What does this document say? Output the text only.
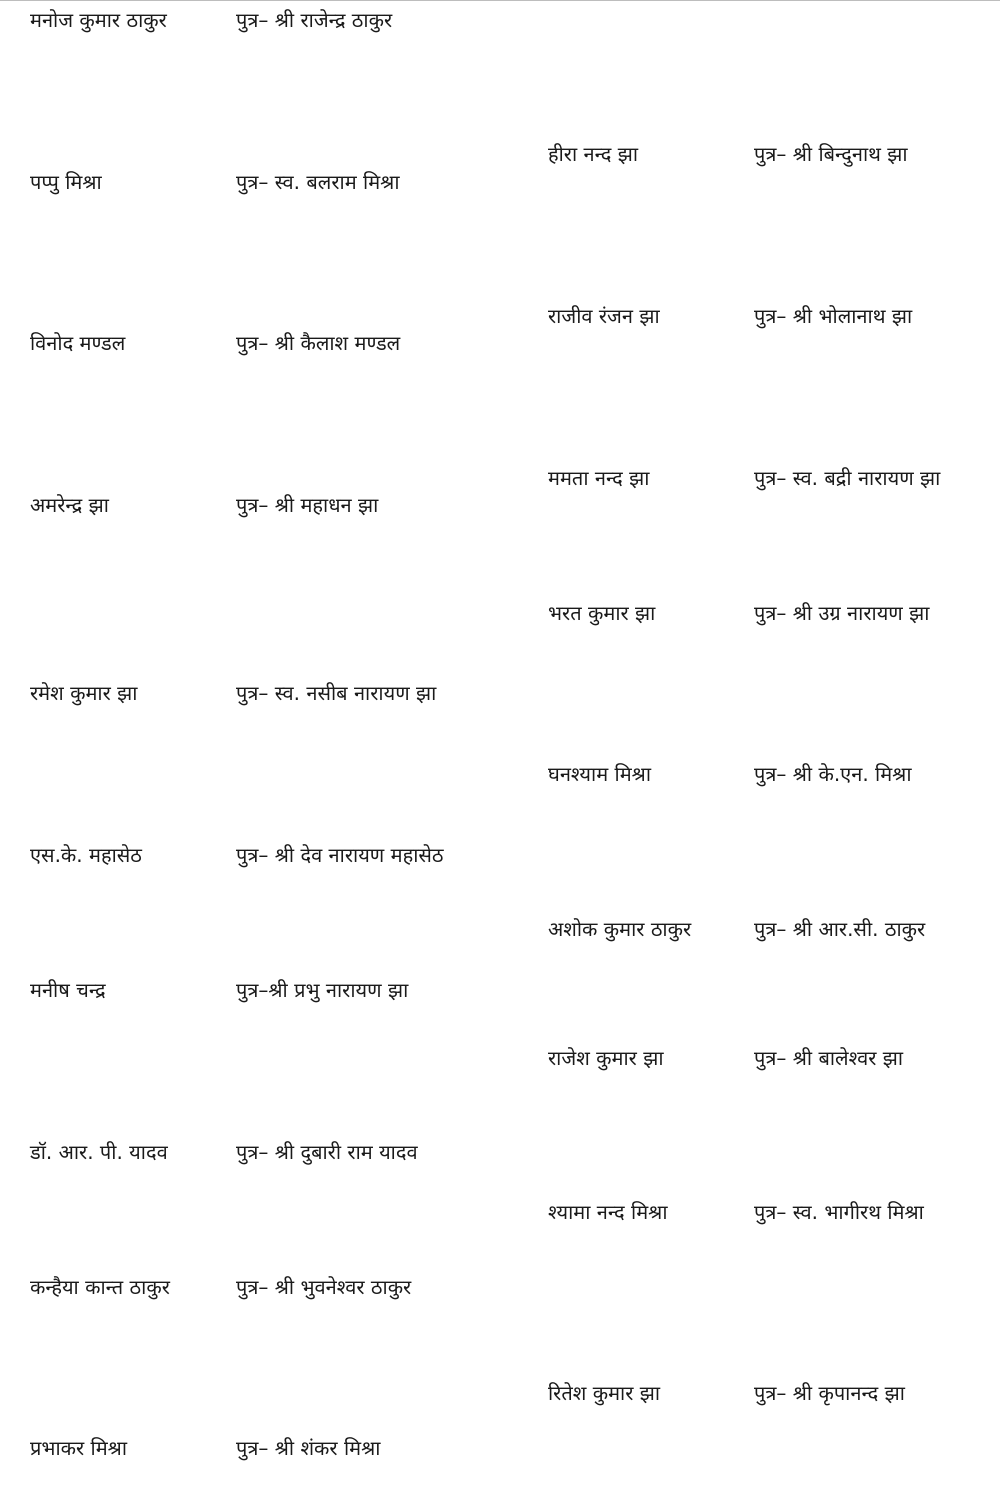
मनोज कुमार ठाकुर	पुत्र– श्री राजेन्द्र ठाकुर
पप्पु मिश्रा	पुत्र– स्व. बलराम मिश्रा
विनोद मण्डल	पुत्र– श्री कैलाश मण्डल
अमरेन्द्र झा	पुत्र– श्री महाधन झा
रमेश कुमार झा	पुत्र– स्व. नसीब नारायण झा
एस.के. महासेठ	पुत्र– श्री देव नारायण महासेठ
मनीष चन्द्र	पुत्र–श्री प्रभु नारायण झा
डॉ. आर. पी. यादव	पुत्र– श्री दुबारी राम यादव
कन्हैया कान्त ठाकुर	पुत्र– श्री भुवनेश्वर ठाकुर
प्रभाकर मिश्रा	पुत्र– श्री शंकर मिश्रा
हीरा नन्द झा	पुत्र– श्री बिन्दुनाथ झा
राजीव रंजन झा	पुत्र– श्री भोलानाथ झा
ममता नन्द झा	पुत्र– स्व. बद्री नारायण झा
भरत कुमार झा	पुत्र– श्री उग्र नारायण झा
घनश्याम मिश्रा	पुत्र– श्री के.एन. मिश्रा
अशोक कुमार ठाकुर	पुत्र– श्री आर.सी. ठाकुर
राजेश कुमार झा	पुत्र– श्री बालेश्वर झा
श्यामा नन्द मिश्रा	पुत्र– स्व. भागीरथ मिश्रा
रितेश कुमार झा	पुत्र– श्री कृपानन्द झा
